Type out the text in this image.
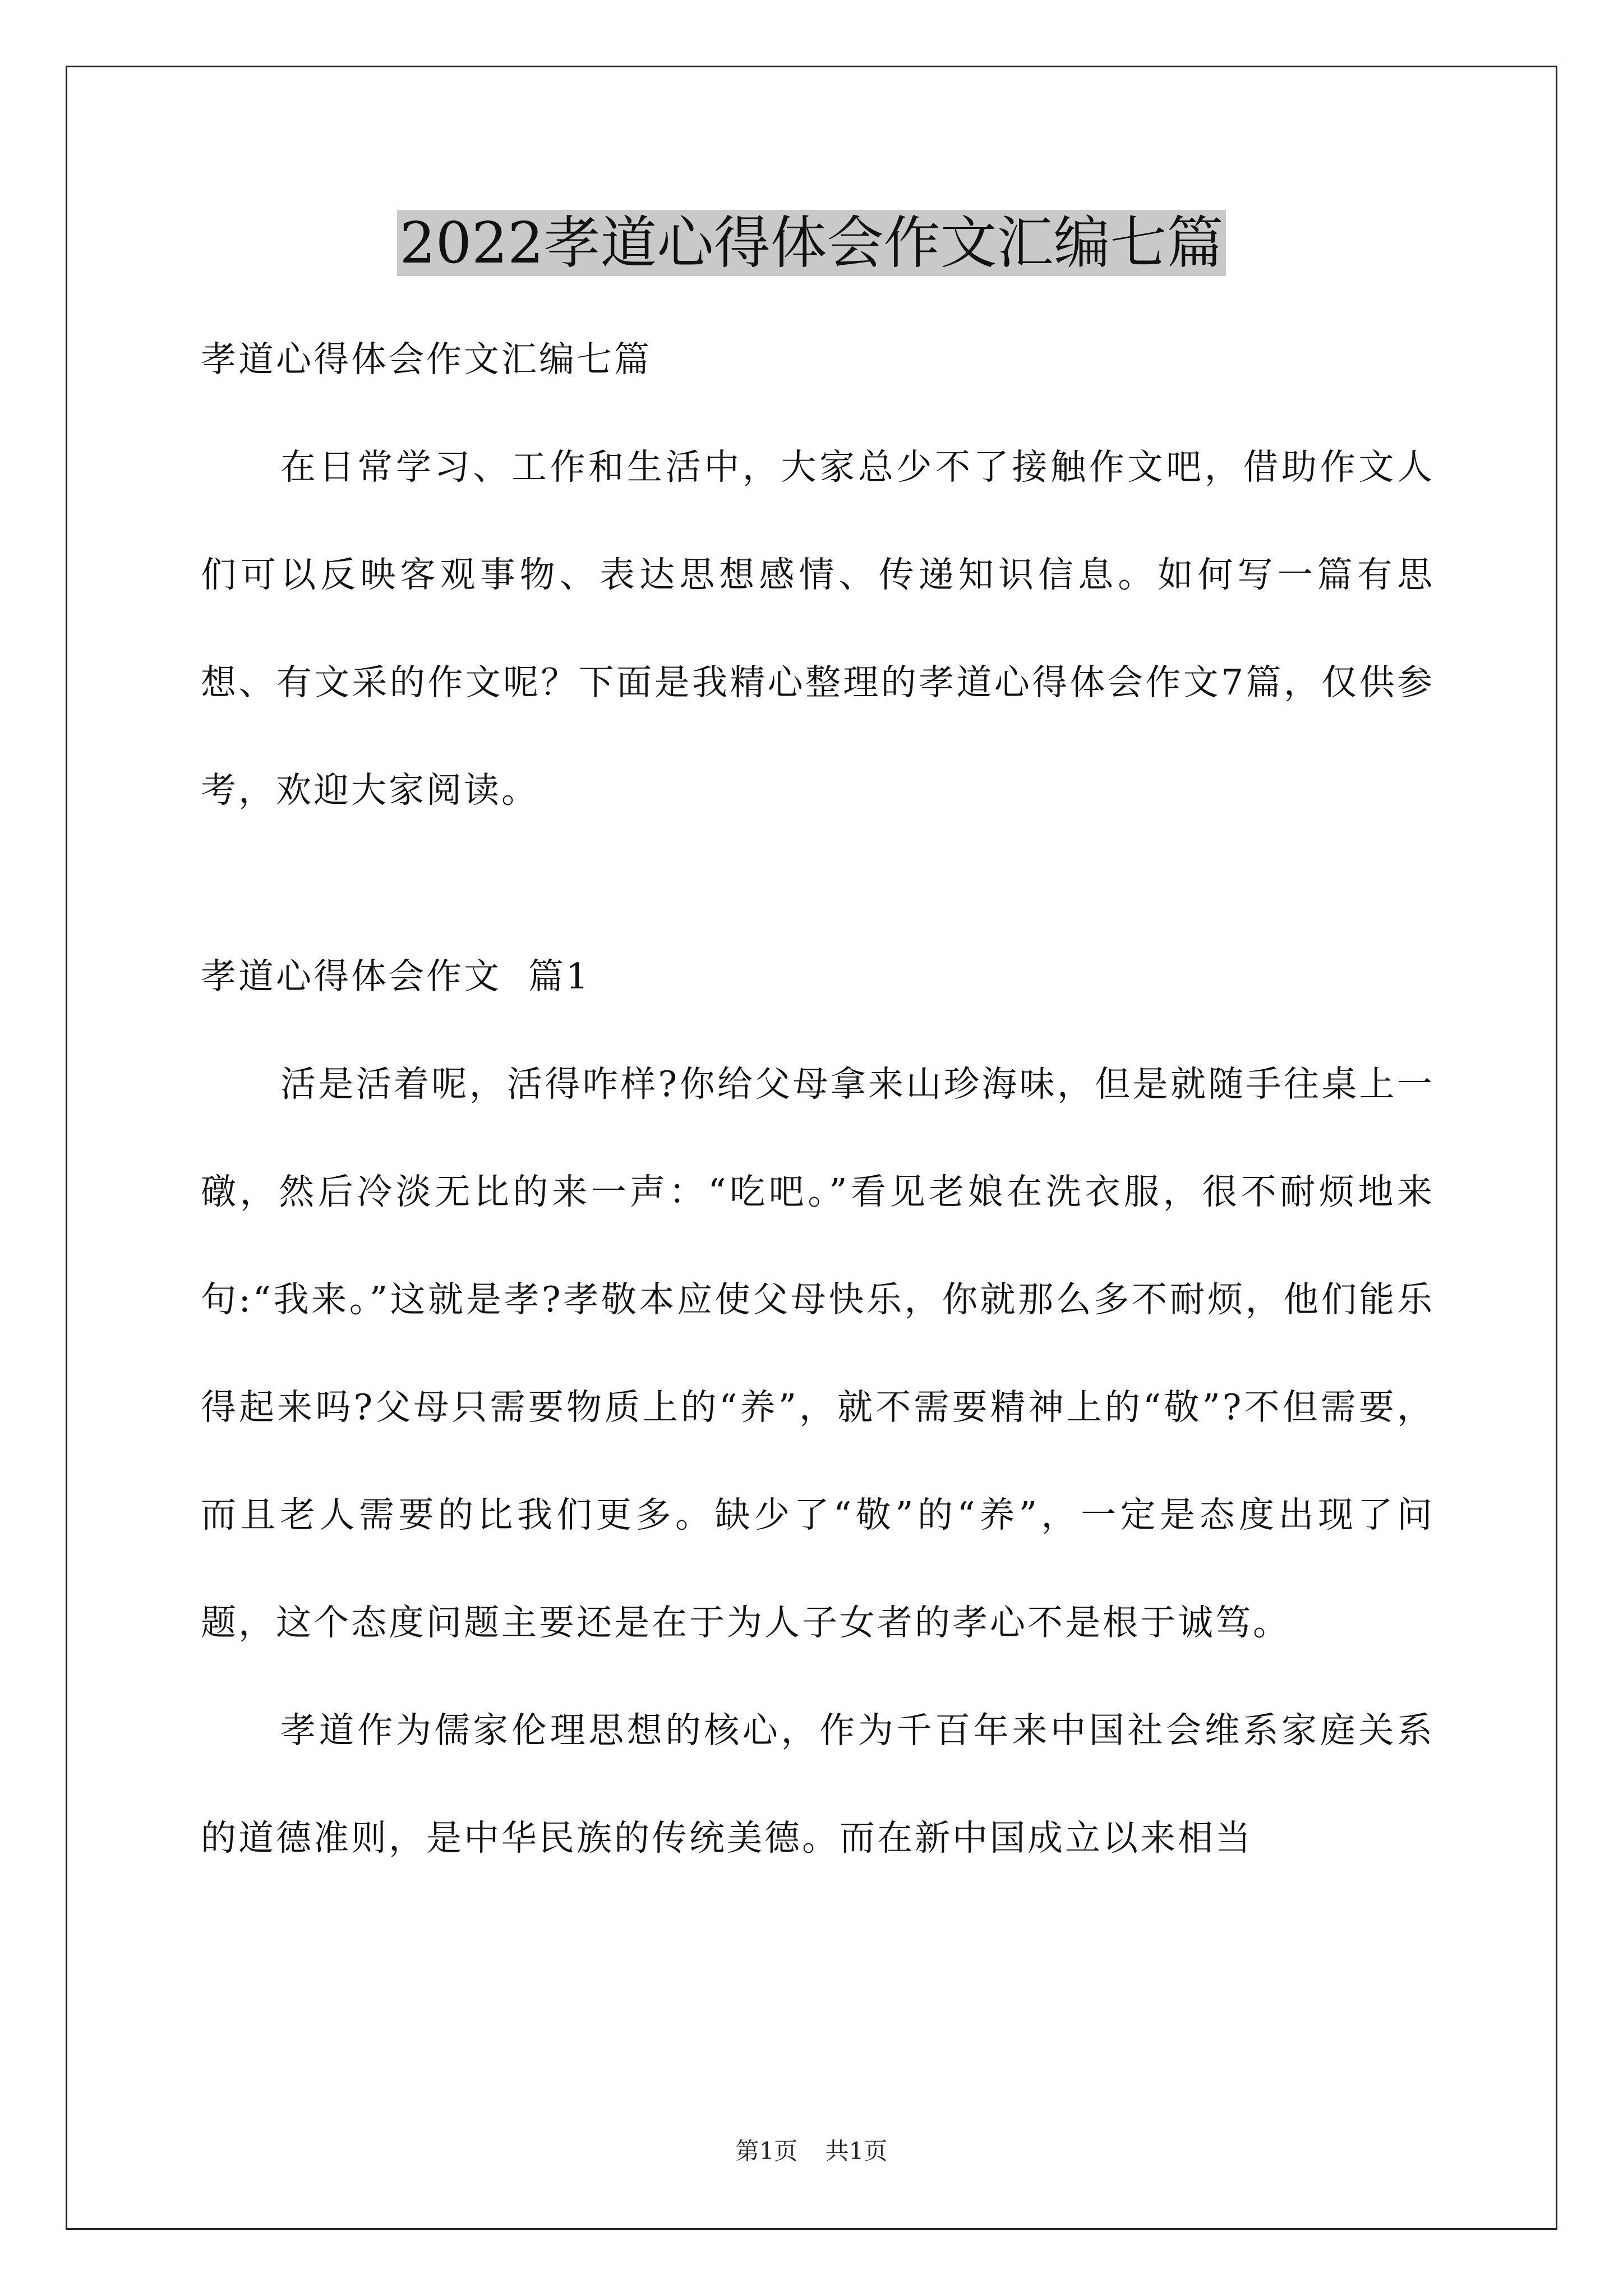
2022孝道心得体会作文汇编七篇

孝道心得体会作文汇编七篇

在日常学习、工作和生活中，大家总少不了接触作文吧，借助作文人们可以反映客观事物、表达思想感情、传递知识信息。如何写一篇有思想、有文采的作文呢？下面是我精心整理的孝道心得体会作文7篇，仅供参考，欢迎大家阅读。

孝道心得体会作文  篇1

活是活着呢，活得咋样?你给父母拿来山珍海味，但是就随手往桌上一礅，然后冷淡无比的来一声：“吃吧。”看见老娘在洗衣服，很不耐烦地来句:“我来。”这就是孝?孝敬本应使父母快乐，你就那么多不耐烦，他们能乐得起来吗?父母只需要物质上的“养”，就不需要精神上的“敬”?不但需要，而且老人需要的比我们更多。缺少了“敬”的“养”，一定是态度出现了问题，这个态度问题主要还是在于为人子女者的孝心不是根于诚笃。

孝道作为儒家伦理思想的核心，作为千百年来中国社会维系家庭关系的道德准则，是中华民族的传统美德。而在新中国成立以来相当

第1页 共1页
